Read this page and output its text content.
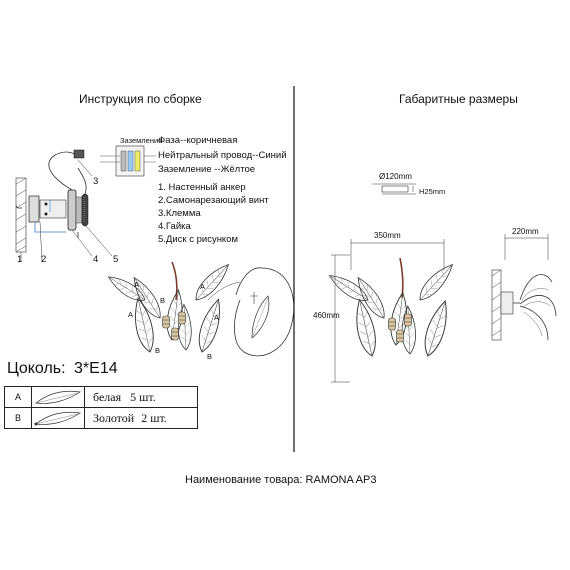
Инструкция по сборке	Габаритные размеры
1 2
3
4 5
Заземление
Фаза--коричневая
Нейтральный провод--Синий
Заземление --Жёлтое
1. Настенный анкер
2.Самонарезающий винт
3.Клемма
4.Гайка
5.Диск с рисунком
A	A
A
B
B
A
B
Ø120mm
H25mm
350mm	220mm
460mm
Цоколь: 3*E14
A		белая 5 шт.
B		Золотой 2 шт.
Наименование товара: RAMONA AP3
